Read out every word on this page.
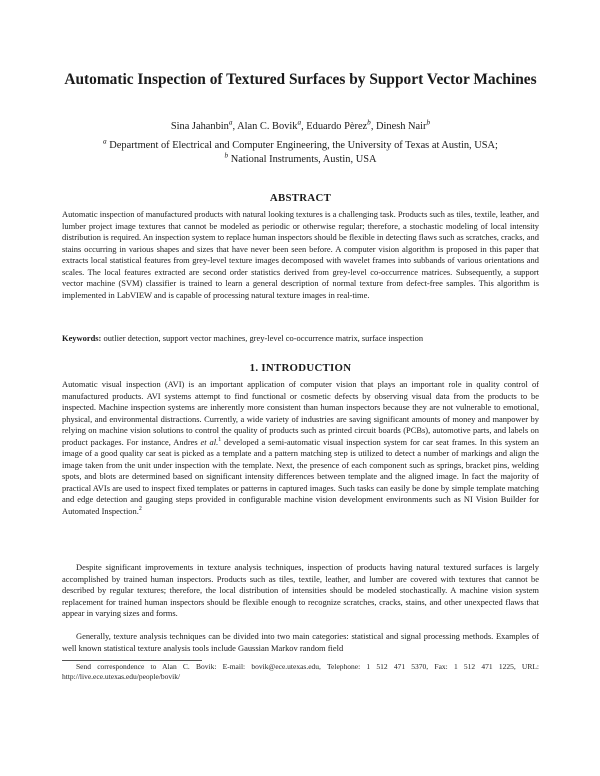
Automatic Inspection of Textured Surfaces by Support Vector Machines
Sina Jahanbin$^a$, Alan C. Bovik$^a$, Eduardo Pèrez$^b$, Dinesh Nair$^b$
$^a$ Department of Electrical and Computer Engineering, the University of Texas at Austin, USA;
$^b$ National Instruments, Austin, USA
ABSTRACT
Automatic inspection of manufactured products with natural looking textures is a challenging task. Products such as tiles, textile, leather, and lumber project image textures that cannot be modeled as periodic or otherwise regular; therefore, a stochastic modeling of local intensity distribution is required. An inspection system to replace human inspectors should be flexible in detecting flaws such as scratches, cracks, and stains occurring in various shapes and sizes that have never been seen before. A computer vision algorithm is proposed in this paper that extracts local statistical features from grey-level texture images decomposed with wavelet frames into subbands of various orientations and scales. The local features extracted are second order statistics derived from grey-level co-occurrence matrices. Subsequently, a support vector machine (SVM) classifier is trained to learn a general description of normal texture from defect-free samples. This algorithm is implemented in LabVIEW and is capable of processing natural texture images in real-time.
Keywords: outlier detection, support vector machines, grey-level co-occurrence matrix, surface inspection
1. INTRODUCTION
Automatic visual inspection (AVI) is an important application of computer vision that plays an important role in quality control of manufactured products. AVI systems attempt to find functional or cosmetic defects by observing visual data from the products to be inspected. Machine inspection systems are inherently more consistent than human inspectors because they are not vulnerable to emotional, physical, and environmental distractions. Currently, a wide variety of industries are saving significant amounts of money and manpower by relying on machine vision solutions to control the quality of products such as printed circuit boards (PCBs), automotive parts, and labels on product packages. For instance, Andres et al.$^1$ developed a semi-automatic visual inspection system for car seat frames. In this system an image of a good quality car seat is picked as a template and a pattern matching step is utilized to detect a number of markings and align the image taken from the unit under inspection with the template. Next, the presence of each component such as springs, bracket pins, welding spots, and blots are determined based on significant intensity differences between template and the aligned image. In fact the majority of practical AVIs are used to inspect fixed templates or patterns in captured images. Such tasks can easily be done by simple template matching and edge detection and gauging steps provided in configurable machine vision development environments such as NI Vision Builder for Automated Inspection.$^2$
Despite significant improvements in texture analysis techniques, inspection of products having natural textured surfaces is largely accomplished by trained human inspectors. Products such as tiles, textile, leather, and lumber are covered with textures that cannot be described by regular textures; therefore, the local distribution of intensities should be modeled stochastically. A machine vision system replacement for trained human inspectors should be flexible enough to recognize scratches, cracks, stains, and other unexpected flaws that appear in varying sizes and forms.
Generally, texture analysis techniques can be divided into two main categories: statistical and signal processing methods. Examples of well known statistical texture analysis tools include Gaussian Markov random field
Send correspondence to Alan C. Bovik: E-mail: bovik@ece.utexas.edu, Telephone: 1 512 471 5370, Fax: 1 512 471 1225, URL: http://live.ece.utexas.edu/people/bovik/
